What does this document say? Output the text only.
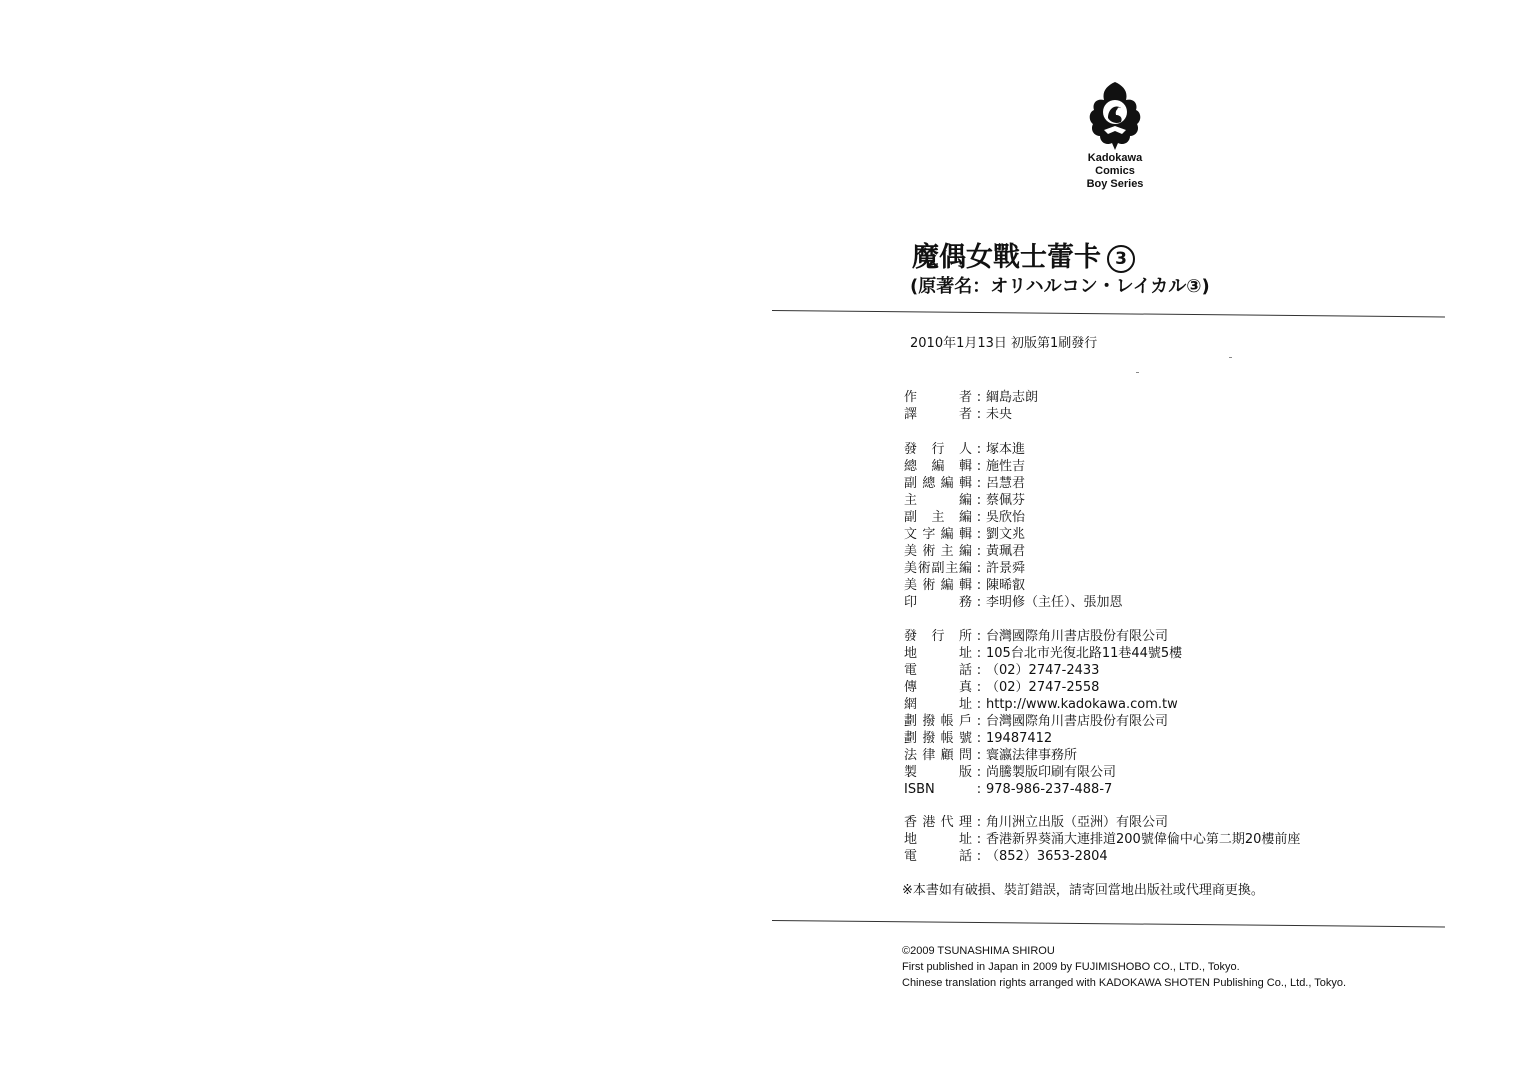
Kadokawa Comics
Boy Series
魔偶女戰士蕾卡 3
(原著名：オリハルコン・レイカル③)
2010年1月13日 初版第1刷發行
作者 : 綱島志朗
譯者 : 未央
發行人 : 塚本進
總編輯 : 施性吉
副總編輯 : 呂慧君
主編 : 蔡佩芬
副主編 : 吳欣怡
文字編輯 : 劉文兆
美術主編 : 黃珮君
美術副主編 : 許景舜
美術編輯 : 陳晞叡
印務 : 李明修（主任）、張加恩
發行所 : 台灣國際角川書店股份有限公司
地址 : 105台北市光復北路11巷44號5樓
電話 : （02）2747-2433
傳真 : （02）2747-2558
網址 : http://www.kadokawa.com.tw
劃撥帳戶 : 台灣國際角川書店股份有限公司
劃撥帳號 : 19487412
法律顧問 : 寰瀛法律事務所
製版 : 尚騰製版印刷有限公司
ISBN	: 978-986-237-488-7
香港代理 : 角川洲立出版（亞洲）有限公司
地址 : 香港新界葵涌大連排道200號偉倫中心第二期20樓前座
電話 : （852）3653-2804
※本書如有破損、裝訂錯誤，請寄回當地出版社或代理商更換。
©2009 TSUNASHIMA SHIROU
First published in Japan in 2009 by FUJIMISHOBO CO., LTD., Tokyo.
Chinese translation rights arranged with KADOKAWA SHOTEN Publishing Co., Ltd., Tokyo.
